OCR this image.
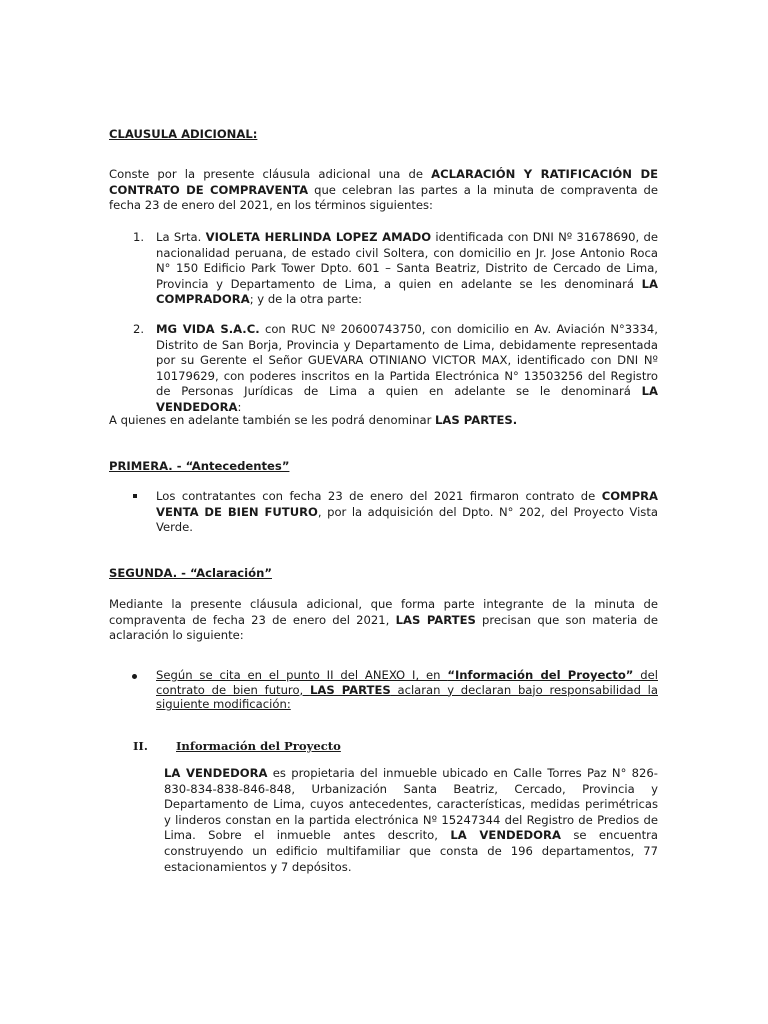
CLAUSULA ADICIONAL:

Conste por la presente cláusula adicional una de ACLARACIÓN Y RATIFICACIÓN DE CONTRATO DE COMPRAVENTA que celebran las partes a la minuta de compraventa de fecha 23 de enero del 2021, en los términos siguientes:

1. La Srta. VIOLETA HERLINDA LOPEZ AMADO identificada con DNI Nº 31678690, de nacionalidad peruana, de estado civil Soltera, con domicilio en Jr. Jose Antonio Roca N° 150 Edificio Park Tower Dpto. 601 – Santa Beatriz, Distrito de Cercado de Lima, Provincia y Departamento de Lima, a quien en adelante se les denominará LA COMPRADORA; y de la otra parte:

2. MG VIDA S.A.C. con RUC Nº 20600743750, con domicilio en Av. Aviación N°3334, Distrito de San Borja, Provincia y Departamento de Lima, debidamente representada por su Gerente el Señor GUEVARA OTINIANO VICTOR MAX, identificado con DNI Nº 10179629, con poderes inscritos en la Partida Electrónica N° 13503256 del Registro de Personas Jurídicas de Lima a quien en adelante se le denominará LA VENDEDORA:

A quienes en adelante también se les podrá denominar LAS PARTES.

PRIMERA. - “Antecedentes”

Los contratantes con fecha 23 de enero del 2021 firmaron contrato de COMPRA VENTA DE BIEN FUTURO, por la adquisición del Dpto. N° 202, del Proyecto Vista Verde.

SEGUNDA. - “Aclaración”

Mediante la presente cláusula adicional, que forma parte integrante de la minuta de compraventa de fecha 23 de enero del 2021, LAS PARTES precisan que son materia de aclaración lo siguiente:

Según se cita en el punto II del ANEXO I, en “Información del Proyecto” del contrato de bien futuro, LAS PARTES aclaran y declaran bajo responsabilidad la siguiente modificación:

II. Información del Proyecto

LA VENDEDORA es propietaria del inmueble ubicado en Calle Torres Paz N° 826-830-834-838-846-848, Urbanización Santa Beatriz, Cercado, Provincia y Departamento de Lima, cuyos antecedentes, características, medidas perimétricas y linderos constan en la partida electrónica Nº 15247344 del Registro de Predios de Lima. Sobre el inmueble antes descrito, LA VENDEDORA se encuentra construyendo un edificio multifamiliar que consta de 196 departamentos, 77 estacionamientos y 7 depósitos.
